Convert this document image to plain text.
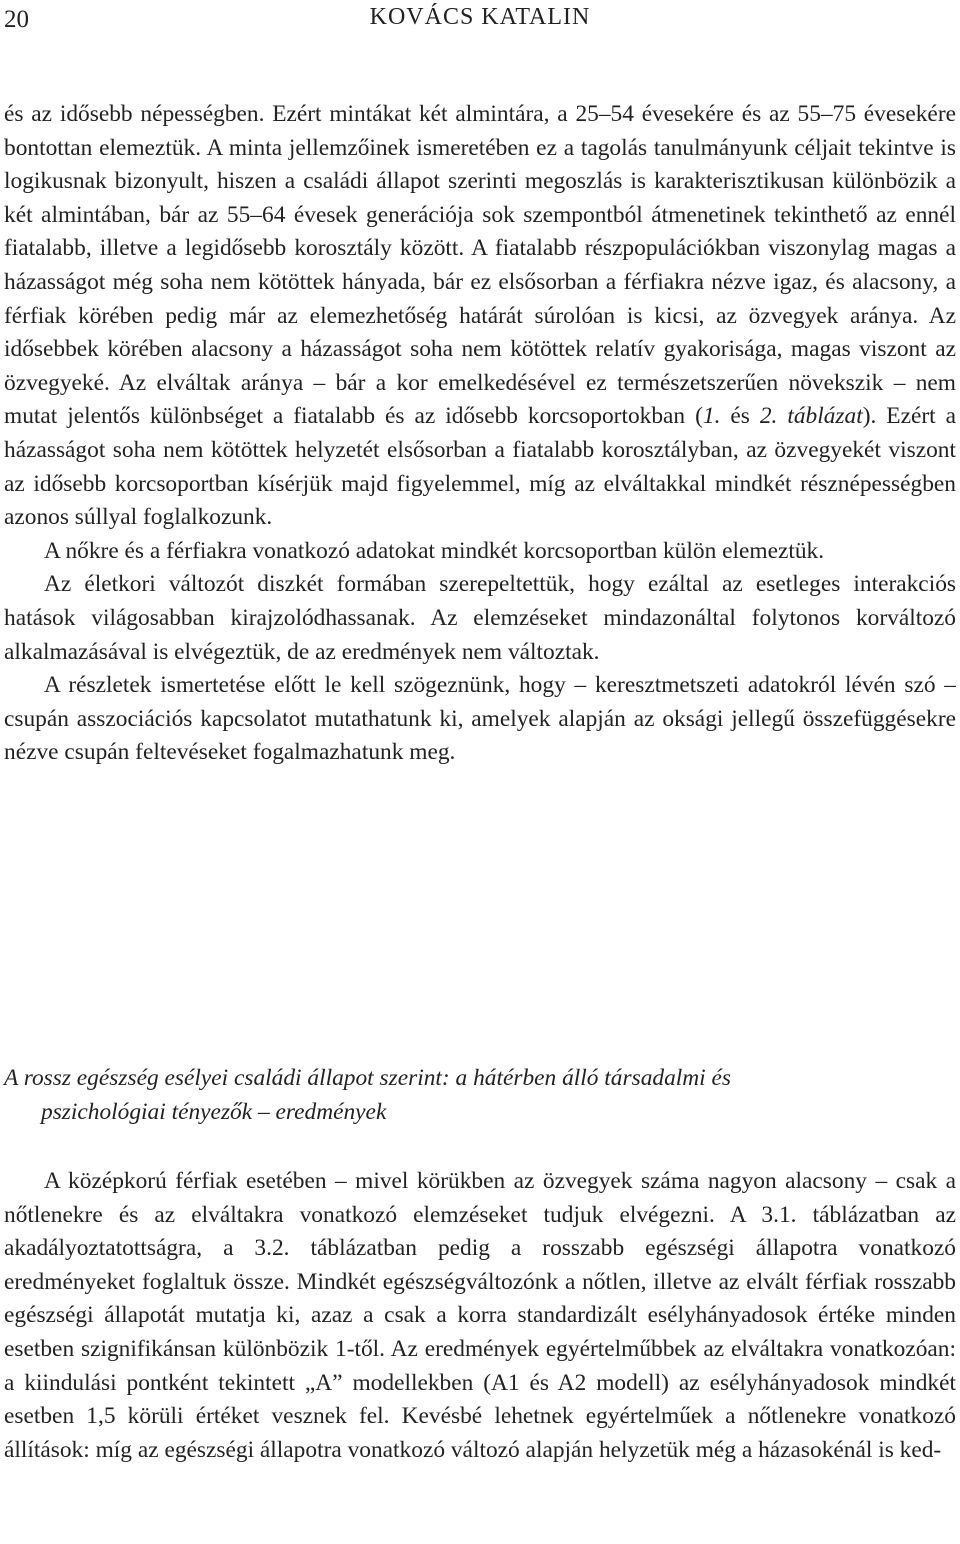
20	KOVÁCS KATALIN

és az idősebb népességben. Ezért mintákat két almintára, a 25–54 évesekére és az 55–75 évesekére bontottan elemeztük. A minta jellemzőinek ismeretében ez a tagolás tanulmányunk céljait tekintve is logikusnak bizonyult, hiszen a családi állapot szerinti megoszlás is karakterisztikusan különbözik a két almintában, bár az 55–64 évesek generációja sok szempontból átmenetinek tekinthető az ennél fiatalabb, illetve a legidősebb korosztály között. A fiatalabb részpopulációkban viszonylag magas a házasságot még soha nem kötöttek hányada, bár ez elsősorban a férfiakra nézve igaz, és alacsony, a férfiak körében pedig már az elemezhetőség határát súrolóan is kicsi, az özvegyek aránya. Az idősebbek körében alacsony a házasságot soha nem kötöttek relatív gyakorisága, magas viszont az özvegyeké. Az elváltak aránya – bár a kor emelkedésével ez természetszerűen növekszik – nem mutat jelentős különbséget a fiatalabb és az idősebb korcsoportokban (1. és 2. táblázat). Ezért a házasságot soha nem kötöttek helyzetét elsősorban a fiatalabb korosztályban, az özvegyekét viszont az idősebb korcsoportban kísérjük majd figyelemmel, míg az elváltakkal mindkét résznépességben azonos súllyal foglalkozunk.

A nőkre és a férfiakra vonatkozó adatokat mindkét korcsoportban külön elemeztük.

Az életkori változót diszkét formában szerepeltettük, hogy ezáltal az esetleges interakciós hatások világosabban kirajzolódhassanak. Az elemzéseket mindazonáltal folytonos korváltozó alkalmazásával is elvégeztük, de az eredmények nem változtak.

A részletek ismertetése előtt le kell szögeznünk, hogy – keresztmetszeti adatokról lévén szó – csupán asszociációs kapcsolatot mutathatunk ki, amelyek alapján az oksági jellegű összefüggésekre nézve csupán feltevéseket fogalmazhatunk meg.

A rossz egészség esélyei családi állapot szerint: a hátérben álló társadalmi és
pszichológiai tényezők – eredmények

A középkorú férfiak esetében – mivel körükben az özvegyek száma nagyon alacsony – csak a nőtlenekre és az elváltakra vonatkozó elemzéseket tudjuk elvégezni. A 3.1. táblázatban az akadályoztatottságra, a 3.2. táblázatban pedig a rosszabb egészségi állapotra vonatkozó eredményeket foglaltuk össze. Mindkét egészségváltozónk a nőtlen, illetve az elvált férfiak rosszabb egészségi állapotát mutatja ki, azaz a csak a korra standardizált esélyhányadosok értéke minden esetben szignifikánsan különbözik 1-től. Az eredmények egyértelműbbek az elváltakra vonatkozóan: a kiindulási pontként tekintett „A” modellekben (A1 és A2 modell) az esélyhányadosok mindkét esetben 1,5 körüli értéket vesznek fel. Kevésbé lehetnek egyértelműek a nőtlenekre vonatkozó állítások: míg az egészségi állapotra vonatkozó változó alapján helyzetük még a házasokénál is ked-
